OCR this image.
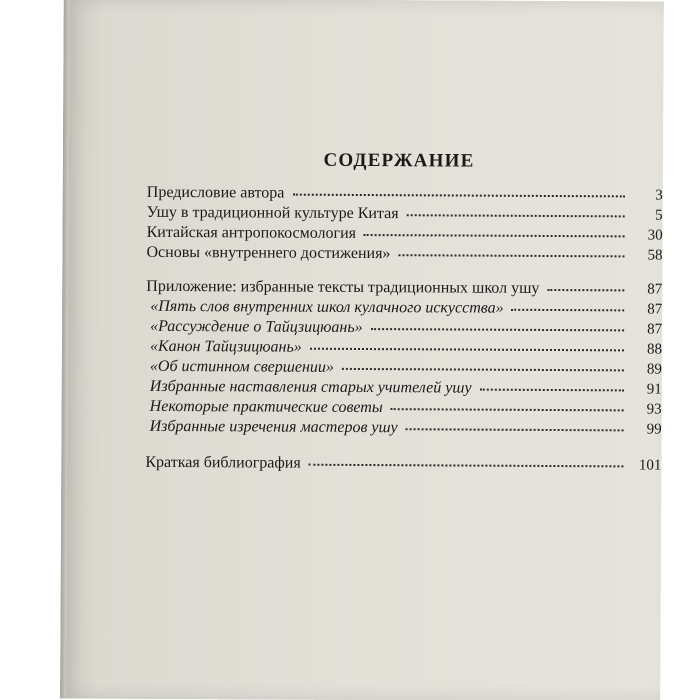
СОДЕРЖАНИЕ
Предисловие автора	3
Ушу в традиционной культуре Китая	5
Китайская антропокосмология	30
Основы «внутреннего достижения»	58
Приложение: избранные тексты традиционных школ ушу	87
«Пять слов внутренних школ кулачного искусства»	87
«Рассуждение о Тайцзицюань»	87
«Канон Тайцзицюань»	88
«Об истинном свершении»	89
Избранные наставления старых учителей ушу	91
Некоторые практические советы	93
Избранные изречения мастеров ушу	99
Краткая библиография	101
